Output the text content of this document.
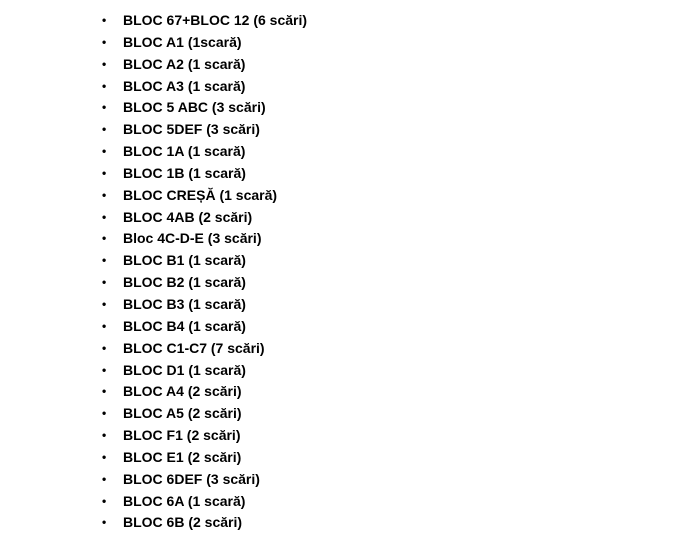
• BLOC 67+BLOC 12 (6 scări)
• BLOC A1 (1scară)
• BLOC A2 (1 scară)
• BLOC A3 (1 scară)
• BLOC 5 ABC (3 scări)
• BLOC 5DEF (3 scări)
• BLOC 1A (1 scară)
• BLOC 1B (1 scară)
• BLOC CREȘĂ (1 scară)
• BLOC 4AB (2 scări)
• Bloc 4C-D-E (3 scări)
• BLOC B1 (1 scară)
• BLOC B2 (1 scară)
• BLOC B3 (1 scară)
• BLOC B4 (1 scară)
• BLOC C1-C7 (7 scări)
• BLOC D1 (1 scară)
• BLOC A4 (2 scări)
• BLOC A5 (2 scări)
• BLOC F1 (2 scări)
• BLOC E1 (2 scări)
• BLOC 6DEF (3 scări)
• BLOC 6A (1 scară)
• BLOC 6B (2 scări)
